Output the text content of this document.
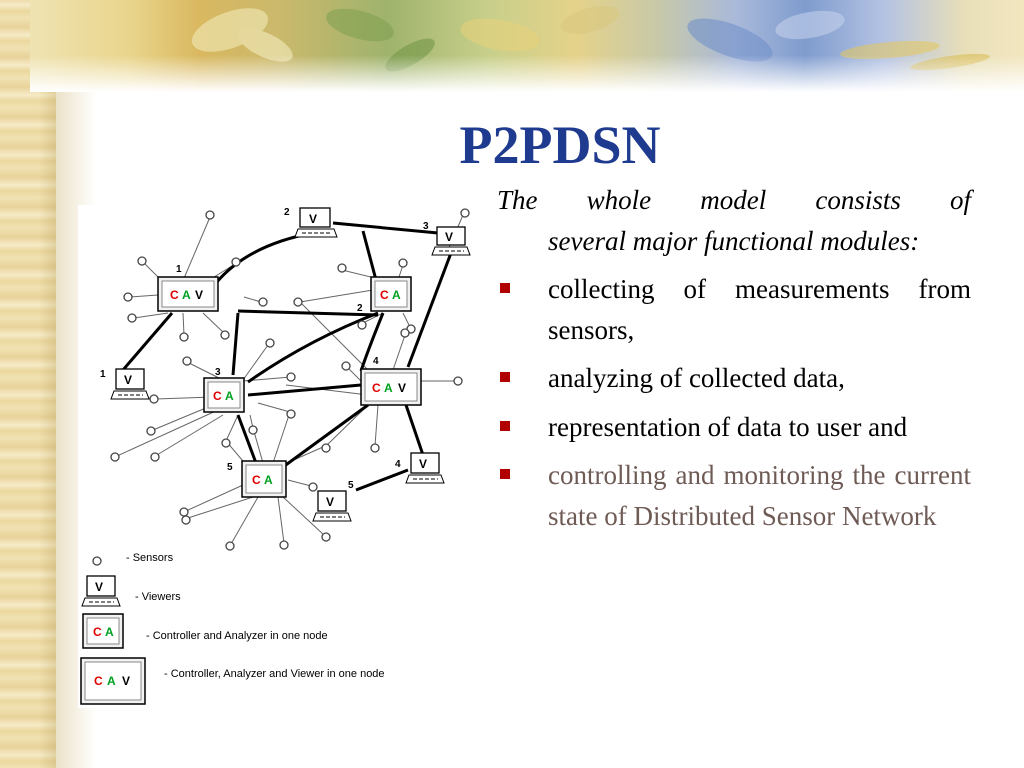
P2PDSN
C A V
1
C A
2
C A
3
C A V
4
C A
5
V
2
V
3
V
1
V
4
V
5
- Sensors
V
- Viewers
C A	- Controller and Analyzer in one node
C A V	- Controller, Analyzer and Viewer in one node

The whole model consists of
several major functional modules:

collecting of measurements from sensors,
analyzing of collected data,
representation of data to user and
controlling and monitoring the current state of Distributed Sensor Network
